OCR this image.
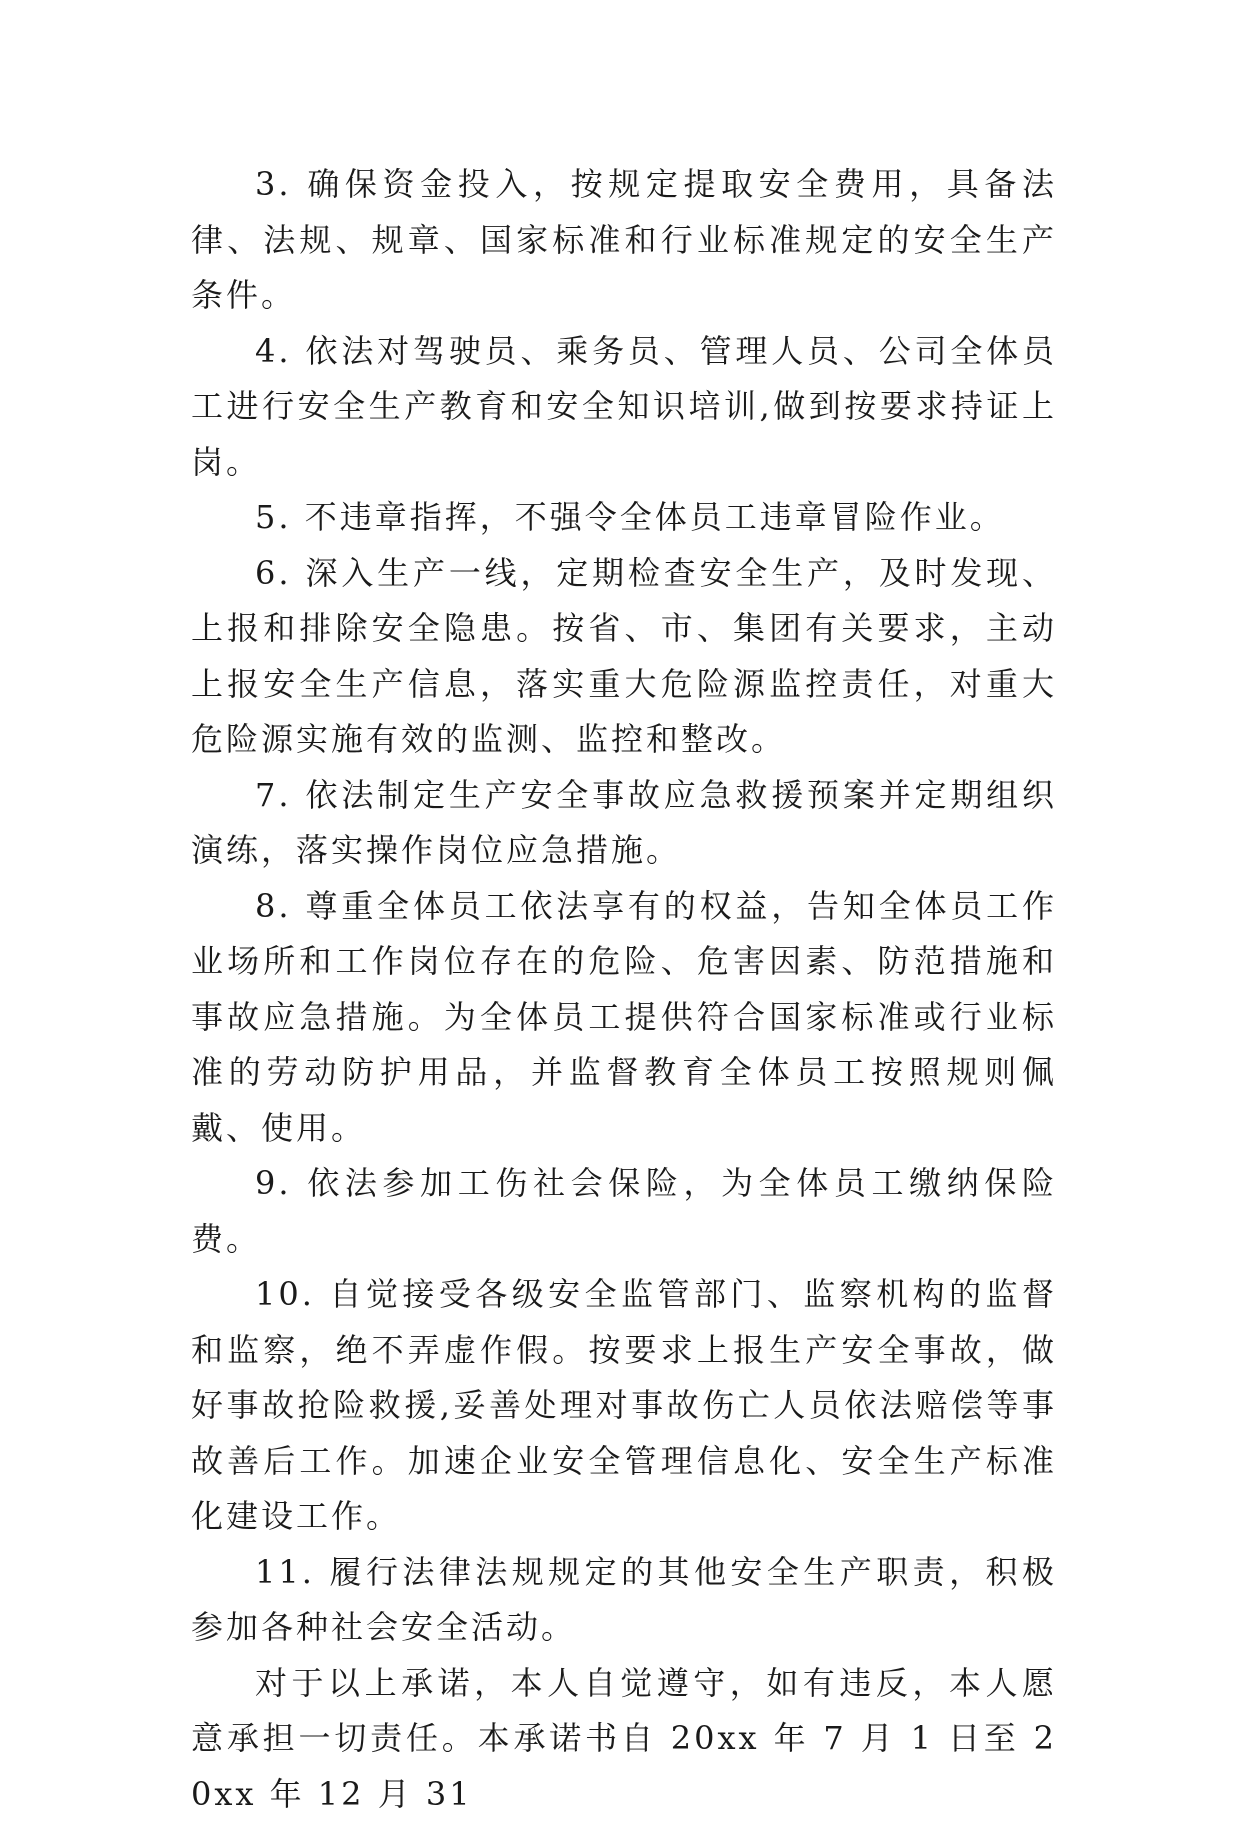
3. 确保资金投入，按规定提取安全费用，具备法律、法规、规章、国家标准和行业标准规定的安全生产条件。

4. 依法对驾驶员、乘务员、管理人员、公司全体员工进行安全生产教育和安全知识培训,做到按要求持证上岗。

5. 不违章指挥，不强令全体员工违章冒险作业。

6. 深入生产一线，定期检查安全生产，及时发现、上报和排除安全隐患。按省、市、集团有关要求，主动上报安全生产信息，落实重大危险源监控责任，对重大危险源实施有效的监测、监控和整改。

7. 依法制定生产安全事故应急救援预案并定期组织演练，落实操作岗位应急措施。

8. 尊重全体员工依法享有的权益，告知全体员工作业场所和工作岗位存在的危险、危害因素、防范措施和事故应急措施。为全体员工提供符合国家标准或行业标准的劳动防护用品，并监督教育全体员工按照规则佩戴、使用。

9. 依法参加工伤社会保险，为全体员工缴纳保险费。

10. 自觉接受各级安全监管部门、监察机构的监督和监察，绝不弄虚作假。按要求上报生产安全事故，做好事故抢险救援,妥善处理对事故伤亡人员依法赔偿等事故善后工作。加速企业安全管理信息化、安全生产标准化建设工作。

11. 履行法律法规规定的其他安全生产职责，积极参加各种社会安全活动。

对于以上承诺，本人自觉遵守，如有违反，本人愿意承担一切责任。本承诺书自 20xx 年 7 月 1 日至 20xx 年 12 月 31
